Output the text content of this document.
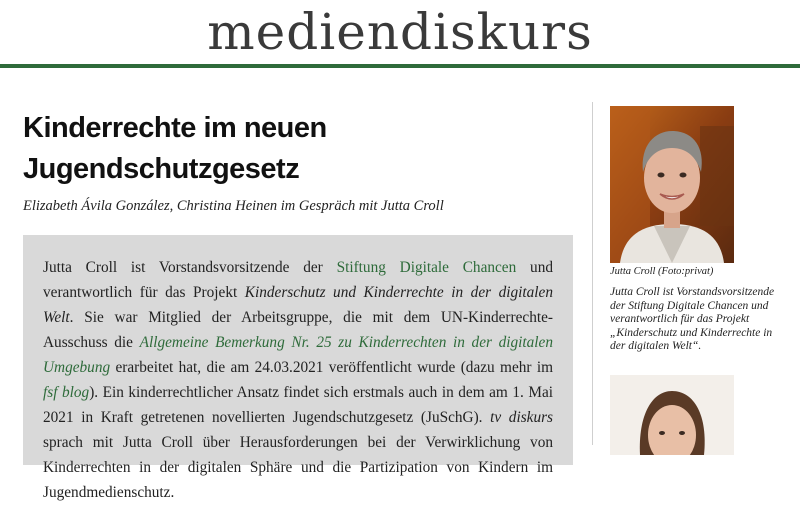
mediendiskurs
Kinderrechte im neuen
Jugendschutzgesetz

Elizabeth Ávila González, Christina Heinen im Gespräch mit Jutta Croll

Jutta Croll ist Vorstandsvorsitzende der Stiftung Digitale Chancen und verantwortlich für das Projekt Kinderschutz und Kinderrechte in der digitalen Welt. Sie war Mitglied der Arbeitsgruppe, die mit dem UN-Kinderrechte-Ausschuss die Allgemeine Bemerkung Nr. 25 zu Kinderrechten in der digitalen Umgebung erarbeitet hat, die am 24.03.2021 veröffentlicht wurde (dazu mehr im fsf blog). Ein kinderrechtlicher Ansatz findet sich erstmals auch in dem am 1. Mai 2021 in Kraft getretenen novellierten Jugendschutzgesetz (JuSchG). tv diskurs sprach mit Jutta Croll über Herausforderungen bei der Verwirklichung von Kinderrechten in der digitalen Sphäre und die Partizipation von Kindern im Jugendmedienschutz.

Jutta Croll (Foto:privat)

Jutta Croll ist Vorstandsvorsitzende der Stiftung Digitale Chancen und verantwortlich für das Projekt „Kinderschutz und Kinderrechte in der digitalen Welt“.
